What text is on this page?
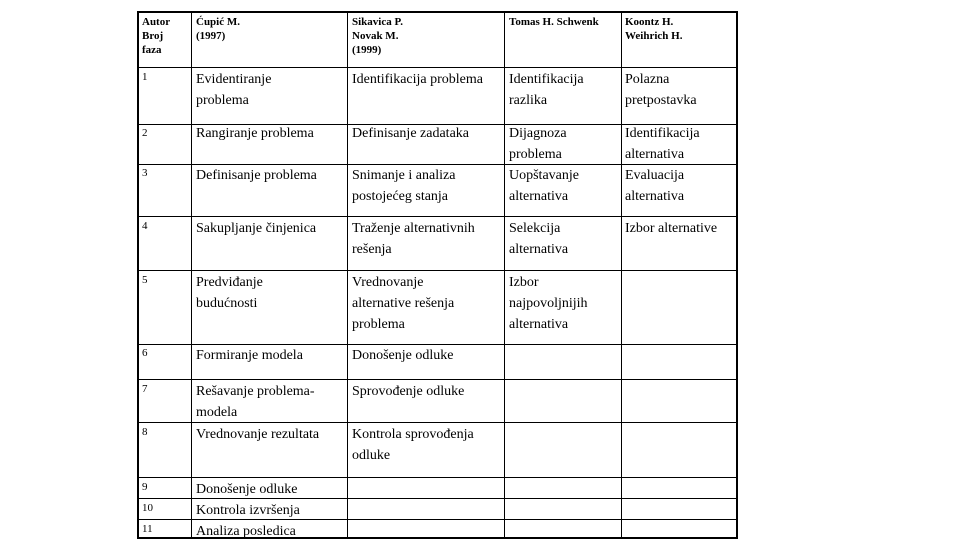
Autor
Broj
faza
Ćupić M.
(1997)
Sikavica P.
Novak M.
(1999)
Tomas H. Schwenk Koontz H.
Weihrich H.
1
2
3
4
5
6
7
8
9
10
11
Evidentiranje
problema
Rangiranje problema
Definisanje problema
Sakupljanje činjenica
Predviđanje
budućnosti
Formiranje modela
Rešavanje problema-
modela
Vrednovanje rezultata
Donošenje odluke
Kontrola izvršenja
Analiza posledica
Identifikacija problema
Definisanje zadataka
Snimanje i analiza
postojećeg stanja
Traženje alternativnih
rešenja
Vrednovanje
alternative rešenja
problema
Donošenje odluke
Sprovođenje odluke
Kontrola sprovođenja
odluke
Identifikacija
razlika
Dijagnoza
problema
Uopštavanje
alternativa
Selekcija
alternativa
Izbor
najpovoljnijih
alternativa
Polazna
pretpostavka
Identifikacija
alternativa
Evaluacija
alternativa
Izbor alternative
